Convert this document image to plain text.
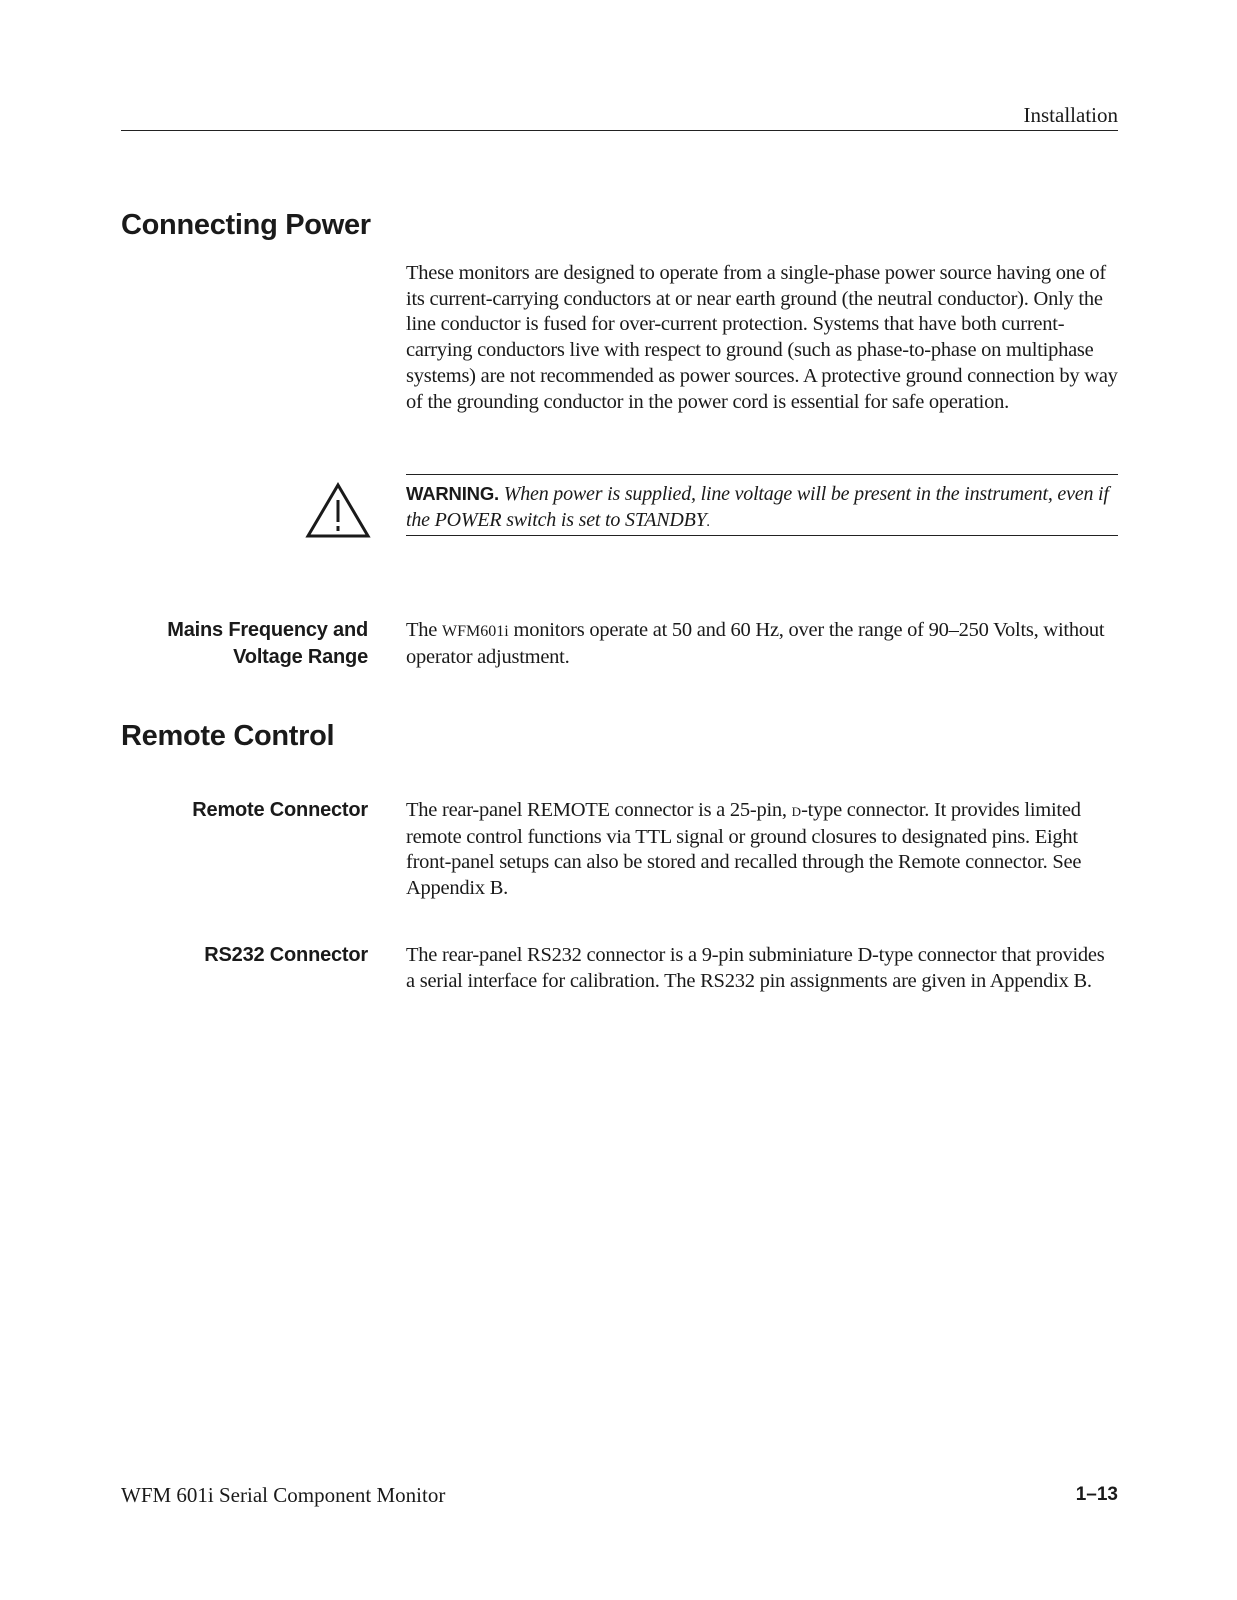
Installation
Connecting Power
These monitors are designed to operate from a single-phase power source having one of its current-carrying conductors at or near earth ground (the neutral conductor). Only the line conductor is fused for over-current protection. Systems that have both current-carrying conductors live with respect to ground (such as phase-to-phase on multiphase systems) are not recommended as power sources. A protective ground connection by way of the grounding conductor in the power cord is essential for safe operation.
WARNING. When power is supplied, line voltage will be present in the instrument, even if the POWER switch is set to STANDBY.
Mains Frequency and
Voltage Range
The WFM601i monitors operate at 50 and 60 Hz, over the range of 90–250 Volts, without operator adjustment.
Remote Control
Remote Connector The rear-panel REMOTE connector is a 25-pin, D-type connector. It provides limited remote control functions via TTL signal or ground closures to designated pins. Eight front-panel setups can also be stored and recalled through the Remote connector. See Appendix B.
RS232 Connector The rear-panel RS232 connector is a 9-pin subminiature D-type connector that provides a serial interface for calibration. The RS232 pin assignments are given in Appendix B.
WFM 601i Serial Component Monitor	1–13
